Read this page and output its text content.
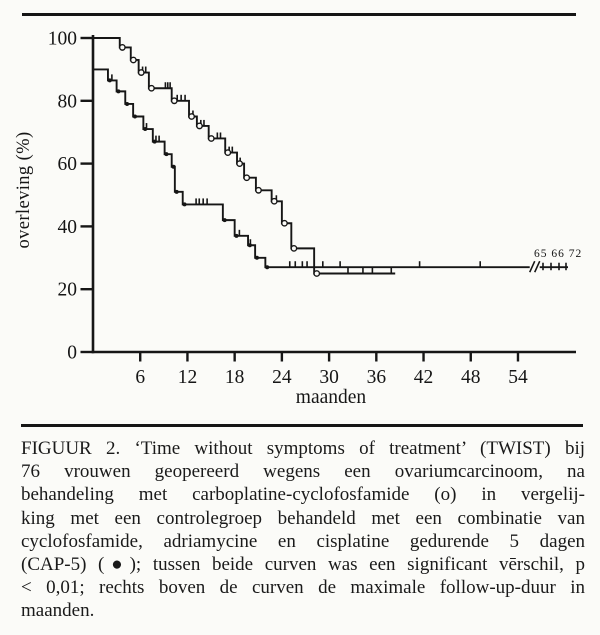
overleving (%)
maanden
65 66 72
0
20
40
60
80
100
6 12 18 24 30 36 42 48 54
FIGUUR 2. ‘Time without symptoms of treatment’ (TWIST) bij
76 vrouwen geopereerd wegens een ovariumcarcinoom, na
behandeling met carboplatine-cyclofosfamide (o) in vergelij-
king met een controlegroep behandeld met een combinatie van
cyclofosfamide, adriamycine en cisplatine gedurende 5 dagen
(CAP-5) (●); tussen beide curven was een significant vērschil, p
< 0,01; rechts boven de curven de maximale follow-up-duur in
maanden.
